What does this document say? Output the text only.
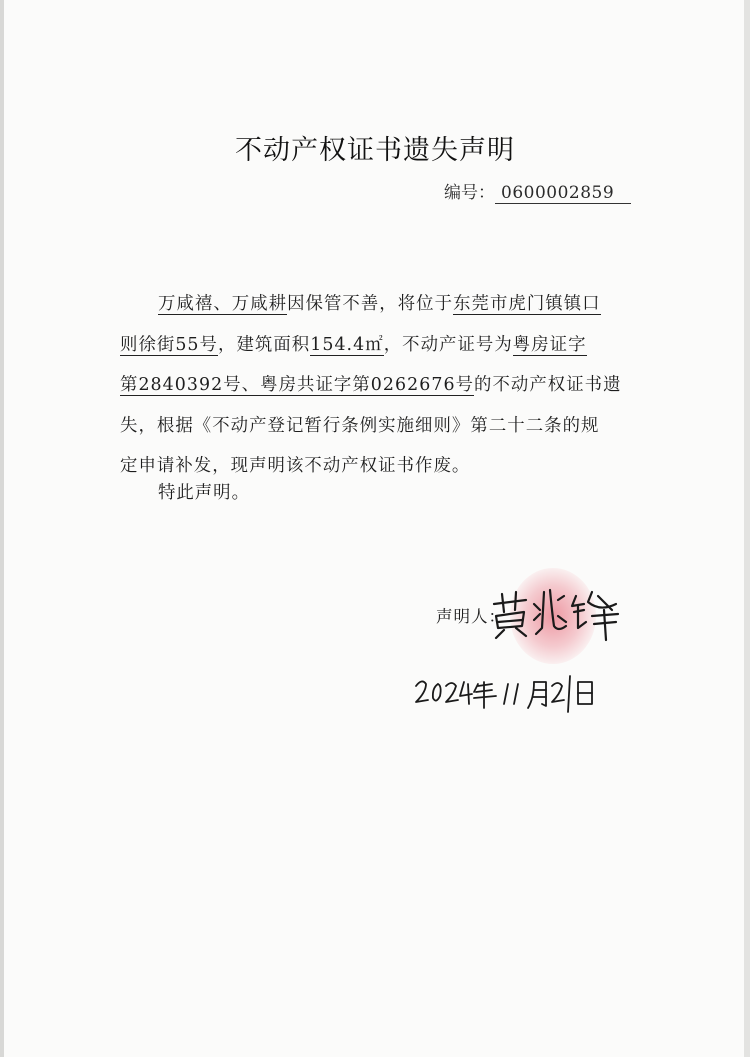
不动产权证书遗失声明
编号： 0600002859
万咸禧、万咸耕因保管不善，将位于东莞市虎门镇镇口
则徐街55号，建筑面积154.4㎡，不动产证号为粤房证字
第2840392号、粤房共证字第0262676号的不动产权证书遗
失，根据《不动产登记暂行条例实施细则》第二十二条的规
定申请补发，现声明该不动产权证书作废。
特此声明。
声明人：
